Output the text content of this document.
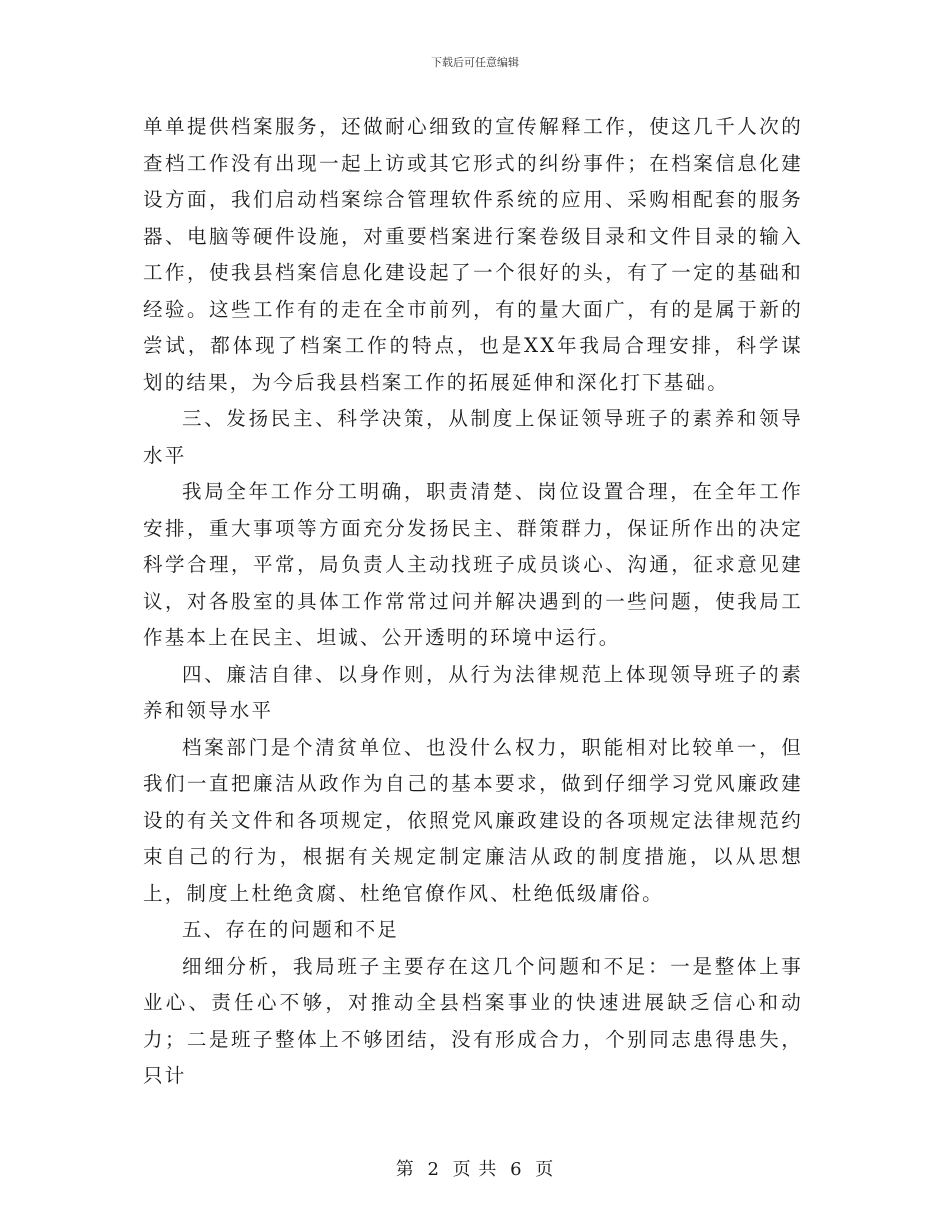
下载后可任意编辑

单单提供档案服务，还做耐心细致的宣传解释工作，使这几千人次的查档工作没有出现一起上访或其它形式的纠纷事件；在档案信息化建设方面，我们启动档案综合管理软件系统的应用、采购相配套的服务器、电脑等硬件设施，对重要档案进行案卷级目录和文件目录的输入工作，使我县档案信息化建设起了一个很好的头，有了一定的基础和经验。这些工作有的走在全市前列，有的量大面广，有的是属于新的尝试，都体现了档案工作的特点，也是XX年我局合理安排，科学谋划的结果，为今后我县档案工作的拓展延伸和深化打下基础。

三、发扬民主、科学决策，从制度上保证领导班子的素养和领导水平

我局全年工作分工明确，职责清楚、岗位设置合理，在全年工作安排，重大事项等方面充分发扬民主、群策群力，保证所作出的决定科学合理，平常，局负责人主动找班子成员谈心、沟通，征求意见建议，对各股室的具体工作常常过问并解决遇到的一些问题，使我局工作基本上在民主、坦诚、公开透明的环境中运行。

四、廉洁自律、以身作则，从行为法律规范上体现领导班子的素养和领导水平

档案部门是个清贫单位、也没什么权力，职能相对比较单一，但我们一直把廉洁从政作为自己的基本要求，做到仔细学习党风廉政建设的有关文件和各项规定，依照党风廉政建设的各项规定法律规范约束自己的行为，根据有关规定制定廉洁从政的制度措施，以从思想上，制度上杜绝贪腐、杜绝官僚作风、杜绝低级庸俗。

五、存在的问题和不足

细细分析，我局班子主要存在这几个问题和不足：一是整体上事业心、责任心不够，对推动全县档案事业的快速进展缺乏信心和动力；二是班子整体上不够团结，没有形成合力，个别同志患得患失，只计

第 2 页 共 6 页
